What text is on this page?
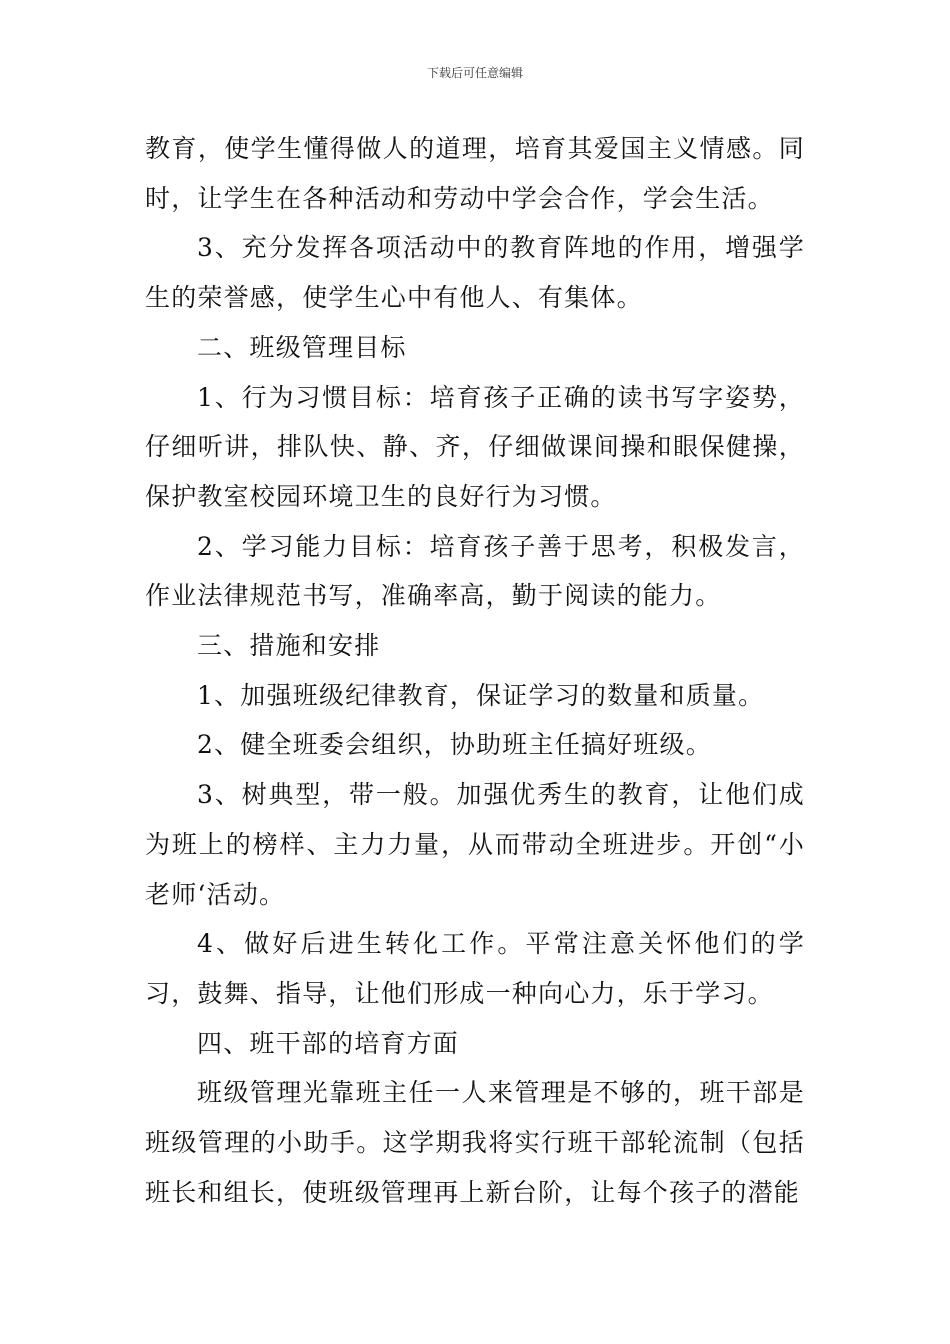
下载后可任意编辑

教育，使学生懂得做人的道理，培育其爱国主义情感。同时，让学生在各种活动和劳动中学会合作，学会生活。

3、充分发挥各项活动中的教育阵地的作用，增强学生的荣誉感，使学生心中有他人、有集体。

二、班级管理目标

1、行为习惯目标：培育孩子正确的读书写字姿势，仔细听讲，排队快、静、齐，仔细做课间操和眼保健操，保护教室校园环境卫生的良好行为习惯。

2、学习能力目标：培育孩子善于思考，积极发言，作业法律规范书写，准确率高，勤于阅读的能力。

三、措施和安排

1、加强班级纪律教育，保证学习的数量和质量。

2、健全班委会组织，协助班主任搞好班级。

3、树典型，带一般。加强优秀生的教育，让他们成为班上的榜样、主力力量，从而带动全班进步。开创“小老师‘活动。

4、做好后进生转化工作。平常注意关怀他们的学习，鼓舞、指导，让他们形成一种向心力，乐于学习。

四、班干部的培育方面

班级管理光靠班主任一人来管理是不够的，班干部是班级管理的小助手。这学期我将实行班干部轮流制（包括班长和组长，使班级管理再上新台阶，让每个孩子的潜能
